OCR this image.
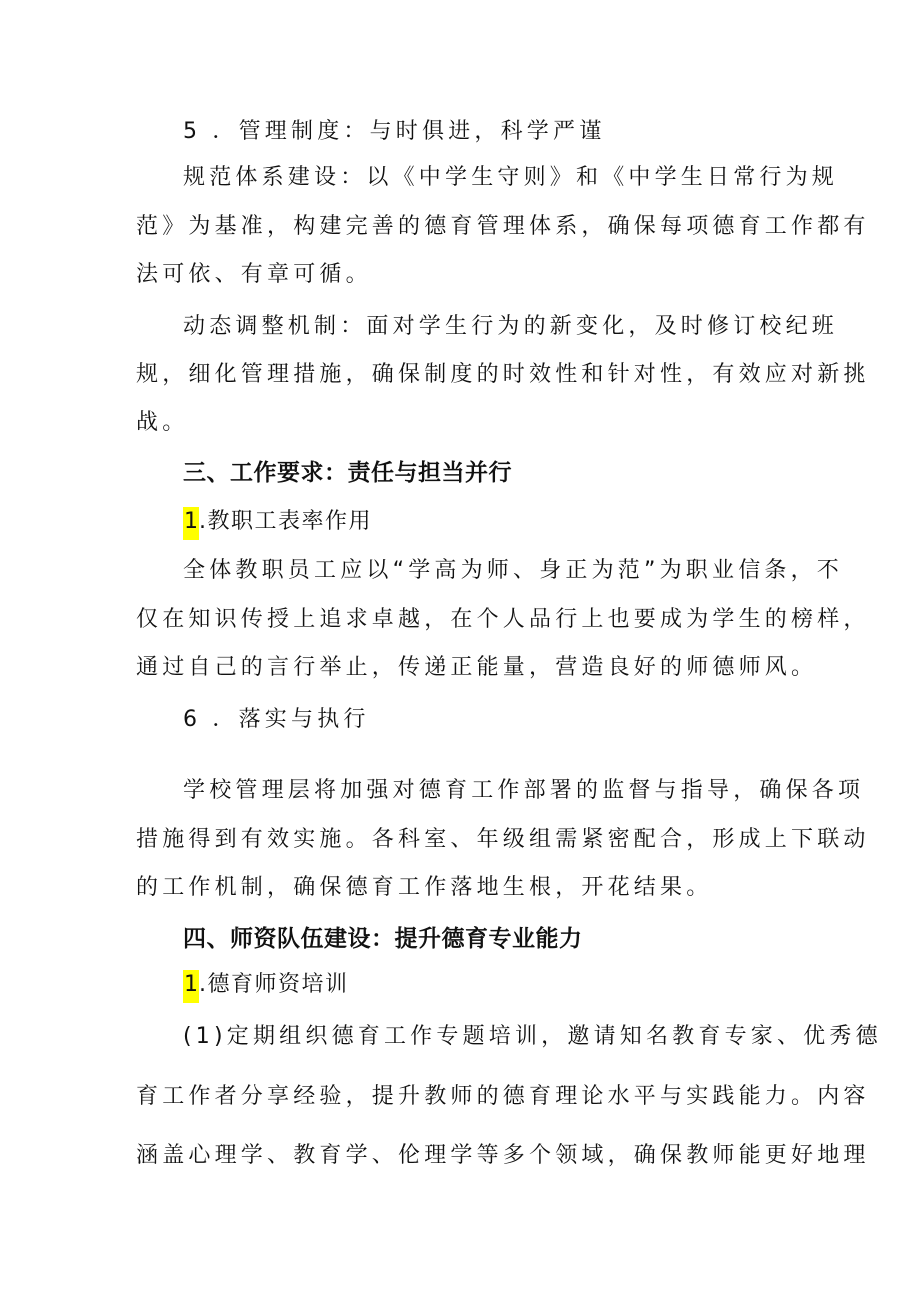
5 ．管理制度：与时俱进，科学严谨
规范体系建设：以《中学生守则》和《中学生日常行为规
范》为基准，构建完善的德育管理体系，确保每项德育工作都有
法可依、有章可循。
动态调整机制：面对学生行为的新变化，及时修订校纪班
规，细化管理措施，确保制度的时效性和针对性，有效应对新挑
战。
三、工作要求：责任与担当并行
1.教职工表率作用
全体教职员工应以“学高为师、身正为范”为职业信条，不
仅在知识传授上追求卓越，在个人品行上也要成为学生的榜样，
通过自己的言行举止，传递正能量，营造良好的师德师风。
6 ．落实与执行
学校管理层将加强对德育工作部署的监督与指导，确保各项
措施得到有效实施。各科室、年级组需紧密配合，形成上下联动
的工作机制，确保德育工作落地生根，开花结果。
四、师资队伍建设：提升德育专业能力
1.德育师资培训
(1)定期组织德育工作专题培训，邀请知名教育专家、优秀德
育工作者分享经验，提升教师的德育理论水平与实践能力。内容
涵盖心理学、教育学、伦理学等多个领域，确保教师能更好地理
